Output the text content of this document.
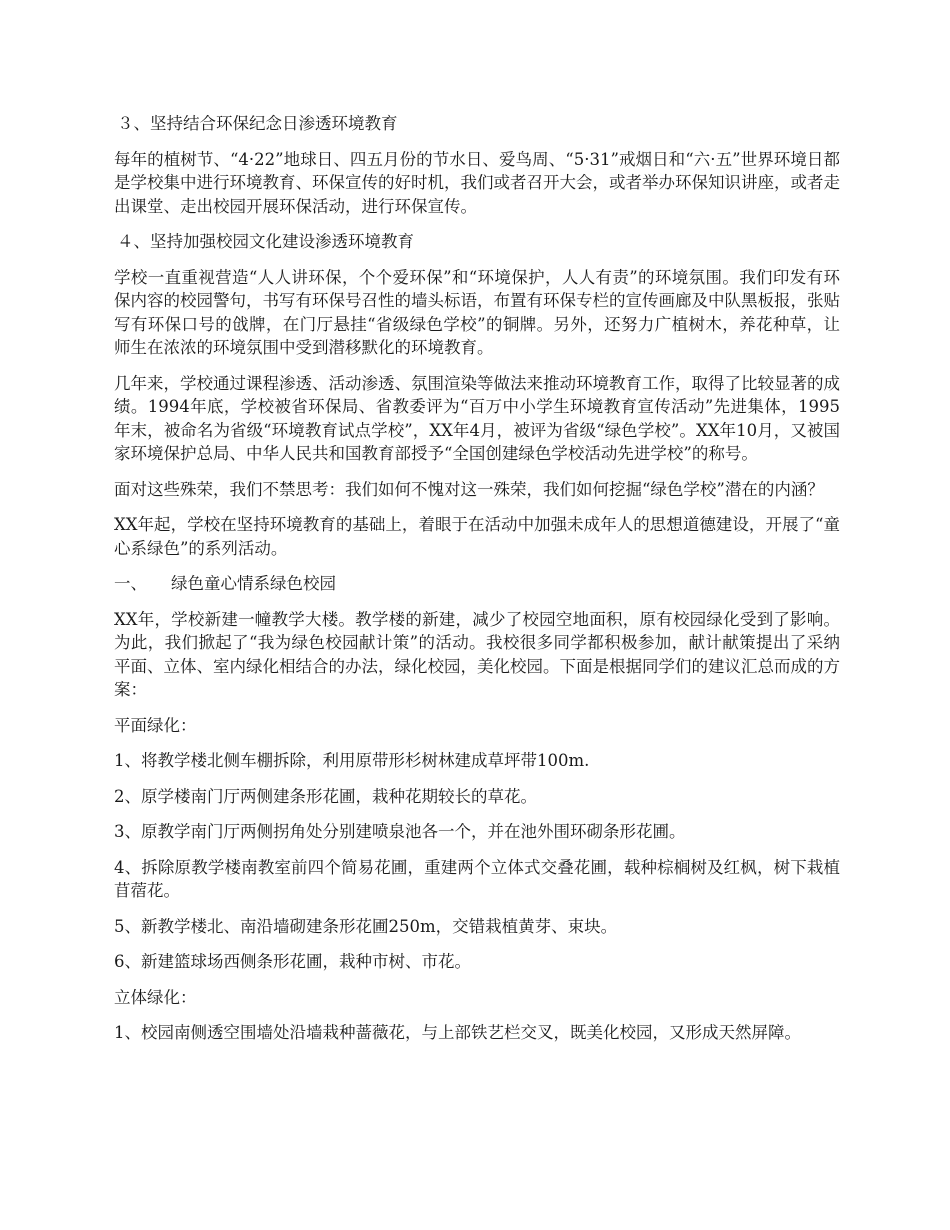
３、坚持结合环保纪念日渗透环境教育

每年的植树节、“4·22”地球日、四五月份的节水日、爱鸟周、“5·31”戒烟日和“六·五”世界环境日都是学校集中进行环境教育、环保宣传的好时机，我们或者召开大会，或者举办环保知识讲座，或者走出课堂、走出校园开展环保活动，进行环保宣传。

４、坚持加强校园文化建设渗透环境教育

学校一直重视营造“人人讲环保，个个爱环保”和“环境保护，人人有责”的环境氛围。我们印发有环保内容的校园警句，书写有环保号召性的墙头标语，布置有环保专栏的宣传画廊及中队黑板报，张贴写有环保口号的戗牌，在门厅悬挂“省级绿色学校”的铜牌。另外，还努力广植树木，养花种草，让师生在浓浓的环境氛围中受到潜移默化的环境教育。

几年来，学校通过课程渗透、活动渗透、氛围渲染等做法来推动环境教育工作，取得了比较显著的成绩。1994年底，学校被省环保局、省教委评为“百万中小学生环境教育宣传活动”先进集体，1995年末，被命名为省级“环境教育试点学校”，XX年4月，被评为省级“绿色学校”。XX年10月，又被国家环境保护总局、中华人民共和国教育部授予“全国创建绿色学校活动先进学校”的称号。

面对这些殊荣，我们不禁思考：我们如何不愧对这一殊荣，我们如何挖掘“绿色学校”潜在的内涵？

XX年起，学校在坚持环境教育的基础上，着眼于在活动中加强未成年人的思想道德建设，开展了“童心系绿色”的系列活动。

一、	绿色童心情系绿色校园

XX年，学校新建一幢教学大楼。教学楼的新建，减少了校园空地面积，原有校园绿化受到了影响。为此，我们掀起了“我为绿色校园献计策”的活动。我校很多同学都积极参加，献计献策提出了采纳平面、立体、室内绿化相结合的办法，绿化校园，美化校园。下面是根据同学们的建议汇总而成的方案：

平面绿化：

1、将教学楼北侧车棚拆除，利用原带形杉树林建成草坪带100m.

2、原学楼南门厅两侧建条形花圃，栽种花期较长的草花。

3、原教学南门厅两侧拐角处分别建喷泉池各一个，并在池外围环砌条形花圃。

4、拆除原教学楼南教室前四个简易花圃，重建两个立体式交叠花圃，载种棕榈树及红枫，树下栽植苜蓿花。

5、新教学楼北、南沿墙砌建条形花圃250m，交错栽植黄芽、束块。

6、新建篮球场西侧条形花圃，栽种市树、市花。

立体绿化：

1、校园南侧透空围墙处沿墙栽种蔷薇花，与上部铁艺栏交叉，既美化校园，又形成天然屏障。
